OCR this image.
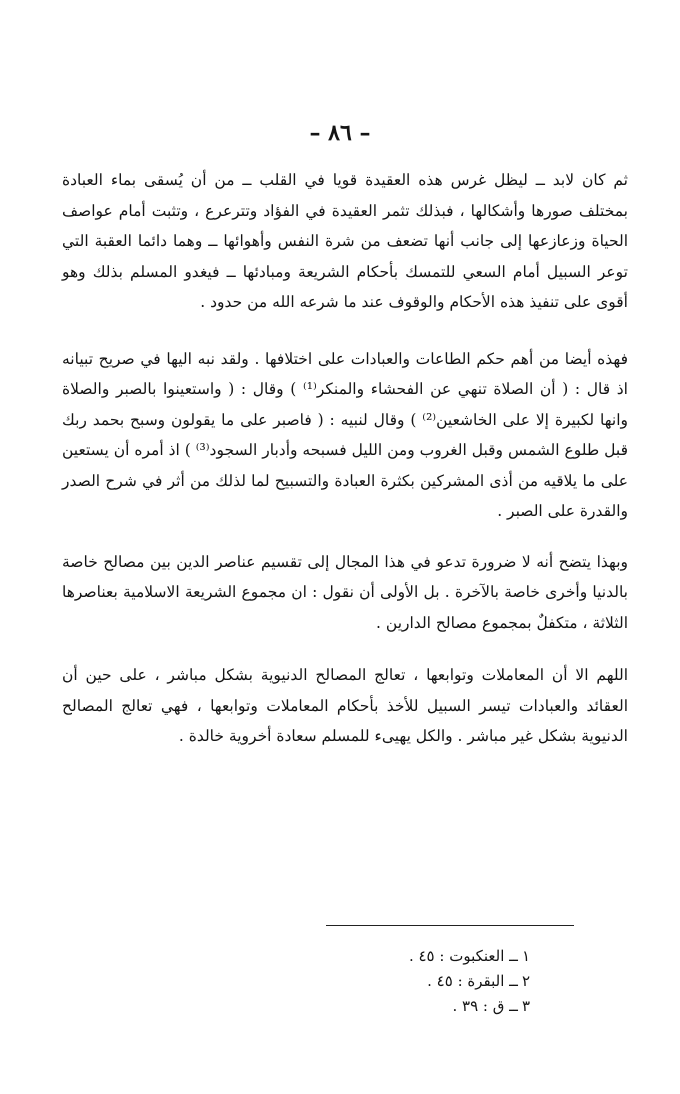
– ٨٦ –

ثم كان لابد ــ ليظل غرس هذه العقيدة قويا في القلب ــ من أن يُسقى بماء العبادة بمختلف صورها وأشكالها ، فبذلك تثمر العقيدة في الفؤاد وتترعرع ، وتثبت أمام عواصف الحياة وزعازعها إلى جانب أنها تضعف من شرة النفس وأهوائها ــ وهما دائما العقبة التي توعر السبيل أمام السعي للتمسك بأحكام الشريعة ومبادئها ــ فيغدو المسلم بذلك وهو أقوى على تنفيذ هذه الأحكام والوقوف عند ما شرعه الله من حدود .

فهذه أيضا من أهم حكم الطاعات والعبادات على اختلافها . ولقد نبه اليها في صريح تبيانه اذ قال : ( أن الصلاة تنهي عن الفحشاء والمنكر⁽¹⁾ ) وقال : ( واستعينوا بالصبر والصلاة وانها لكبيرة إلا على الخاشعين⁽²⁾ ) وقال لنبيه : ( فاصبر على ما يقولون وسبح بحمد ربك قبل طلوع الشمس وقبل الغروب ومن الليل فسبحه وأدبار السجود⁽³⁾ ) اذ أمره أن يستعين على ما يلاقيه من أذى المشركين بكثرة العبادة والتسبيح لما لذلك من أثر في شرح الصدر والقدرة على الصبر .

وبهذا يتضح أنه لا ضرورة تدعو في هذا المجال إلى تقسيم عناصر الدين بين مصالح خاصة بالدنيا وأخرى خاصة بالآخرة . بل الأولى أن نقول : ان مجموع الشريعة الاسلامية بعناصرها الثلاثة ، متكفلٌ بمجموع مصالح الدارين .

اللهم الا أن المعاملات وتوابعها ، تعالج المصالح الدنيوية بشكل مباشر ، على حين أن العقائد والعبادات تيسر السبيل للأخذ بأحكام المعاملات وتوابعها ، فهي تعالج المصالح الدنيوية بشكل غير مباشر . والكل يهيىء للمسلم سعادة أخروية خالدة .

١ــ العنكبوت : ٤٥ .
٢ــ البقرة : ٤٥ .
٣ــ ق : ٣٩ .
